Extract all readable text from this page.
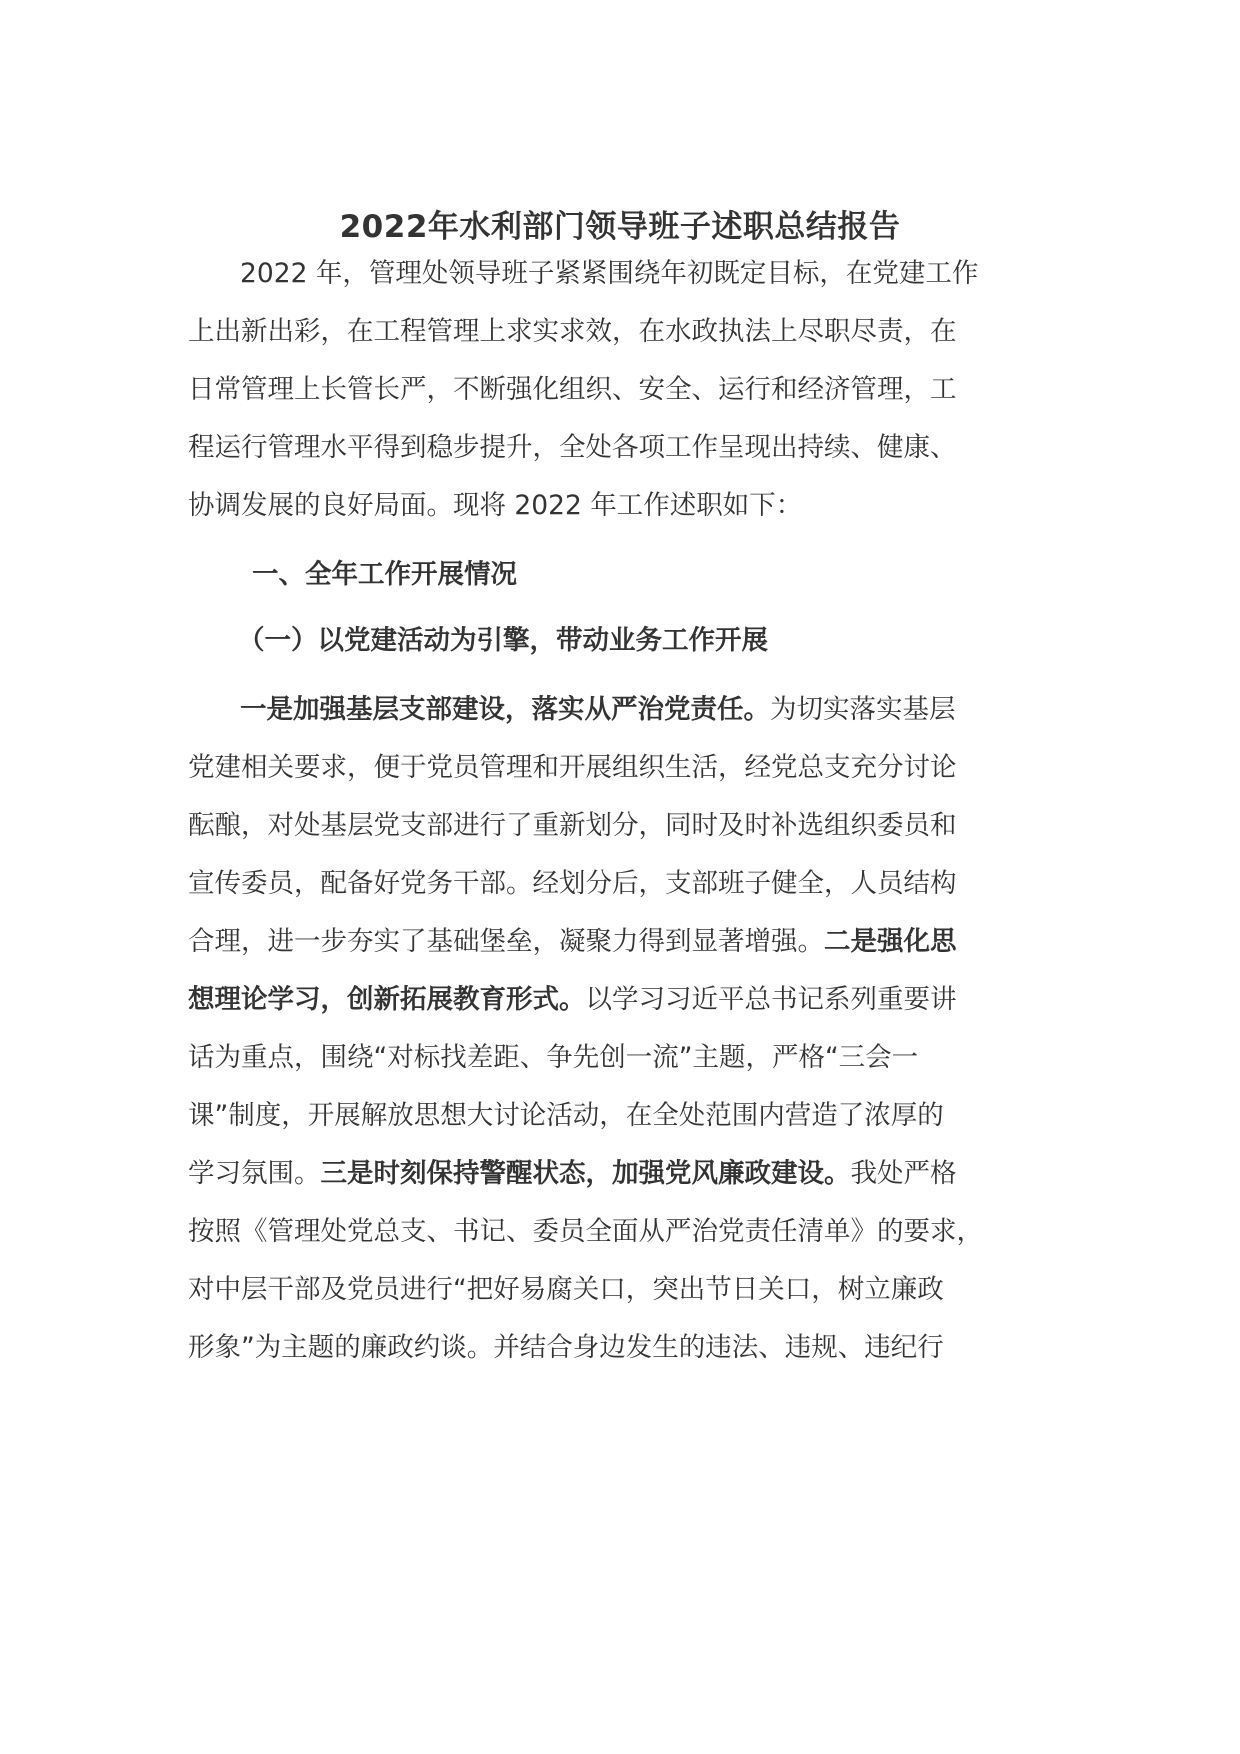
2022年水利部门领导班子述职总结报告
2022 年，管理处领导班子紧紧围绕年初既定目标，在党建工作
上出新出彩，在工程管理上求实求效，在水政执法上尽职尽责，在
日常管理上长管长严，不断强化组织、安全、运行和经济管理，工
程运行管理水平得到稳步提升，全处各项工作呈现出持续、健康、
协调发展的良好局面。现将 2022 年工作述职如下：
一、全年工作开展情况
（一）以党建活动为引擎，带动业务工作开展
一是加强基层支部建设，落实从严治党责任。为切实落实基层
党建相关要求，便于党员管理和开展组织生活，经党总支充分讨论
酝酿，对处基层党支部进行了重新划分，同时及时补选组织委员和
宣传委员，配备好党务干部。经划分后，支部班子健全，人员结构
合理，进一步夯实了基础堡垒，凝聚力得到显著增强。二是强化思
想理论学习，创新拓展教育形式。以学习习近平总书记系列重要讲
话为重点，围绕“对标找差距、争先创一流”主题，严格“三会一
课”制度，开展解放思想大讨论活动，在全处范围内营造了浓厚的
学习氛围。三是时刻保持警醒状态，加强党风廉政建设。我处严格
按照《管理处党总支、书记、委员全面从严治党责任清单》的要求，
对中层干部及党员进行“把好易腐关口，突出节日关口，树立廉政
形象”为主题的廉政约谈。并结合身边发生的违法、违规、违纪行
